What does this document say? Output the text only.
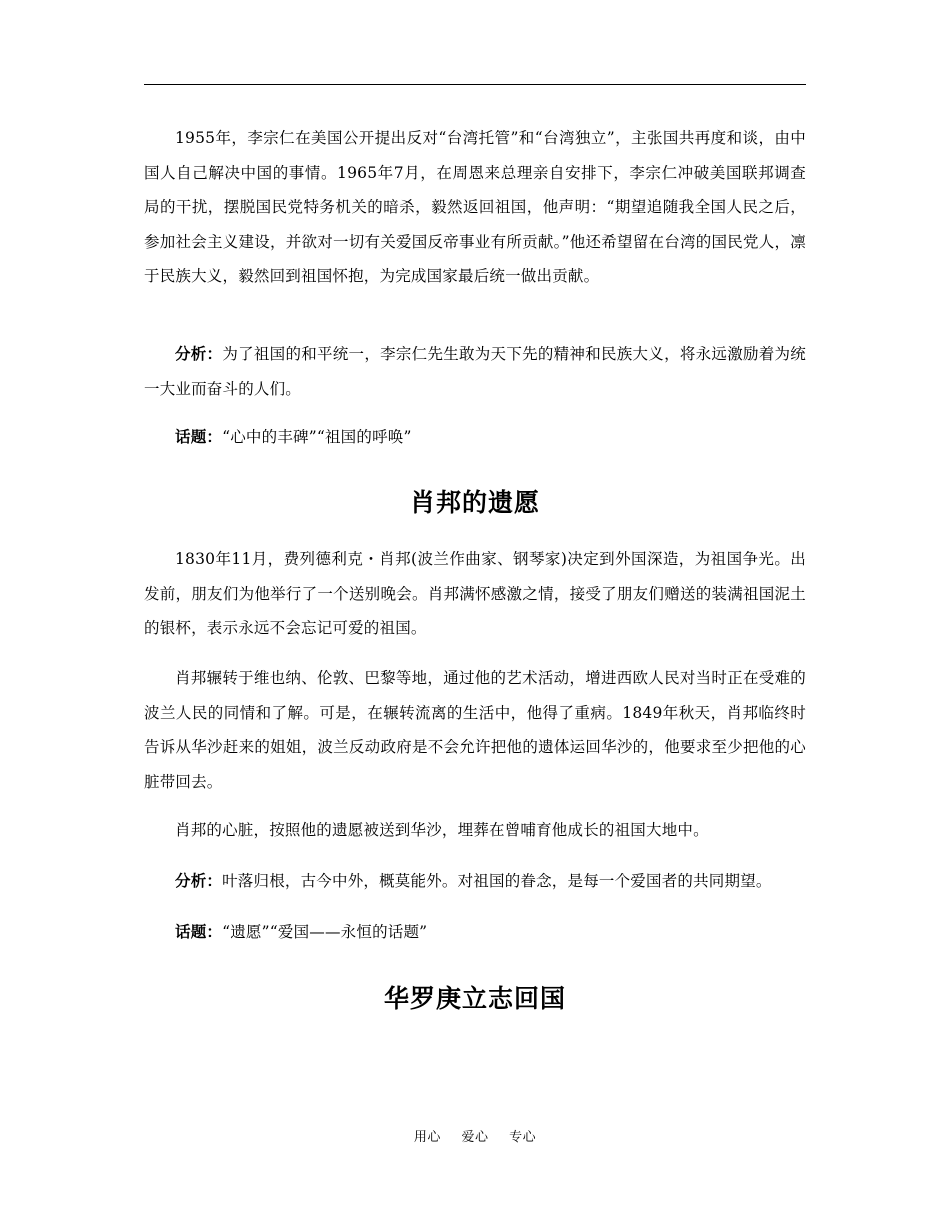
1955年，李宗仁在美国公开提出反对“台湾托管”和“台湾独立”，主张国共再度和谈，由中国人自己解决中国的事情。1965年7月，在周恩来总理亲自安排下，李宗仁冲破美国联邦调查局的干扰，摆脱国民党特务机关的暗杀，毅然返回祖国，他声明：“期望追随我全国人民之后，参加社会主义建设，并欲对一切有关爱国反帝事业有所贡献。”他还希望留在台湾的国民党人，凛于民族大义，毅然回到祖国怀抱，为完成国家最后统一做出贡献。

分析：为了祖国的和平统一，李宗仁先生敢为天下先的精神和民族大义，将永远激励着为统一大业而奋斗的人们。

话题：“心中的丰碑”“祖国的呼唤”

肖邦的遗愿

1830年11月，费列德利克・肖邦(波兰作曲家、钢琴家)决定到外国深造，为祖国争光。出发前，朋友们为他举行了一个送别晚会。肖邦满怀感激之情，接受了朋友们赠送的装满祖国泥土的银杯，表示永远不会忘记可爱的祖国。

肖邦辗转于维也纳、伦敦、巴黎等地，通过他的艺术活动，增进西欧人民对当时正在受难的波兰人民的同情和了解。可是，在辗转流离的生活中，他得了重病。1849年秋天，肖邦临终时告诉从华沙赶来的姐姐，波兰反动政府是不会允许把他的遗体运回华沙的，他要求至少把他的心脏带回去。

肖邦的心脏，按照他的遗愿被送到华沙，埋葬在曾哺育他成长的祖国大地中。

分析：叶落归根，古今中外，概莫能外。对祖国的眷念，是每一个爱国者的共同期望。

话题：“遗愿”“爱国——永恒的话题”

华罗庚立志回国
用心 爱心 专心
